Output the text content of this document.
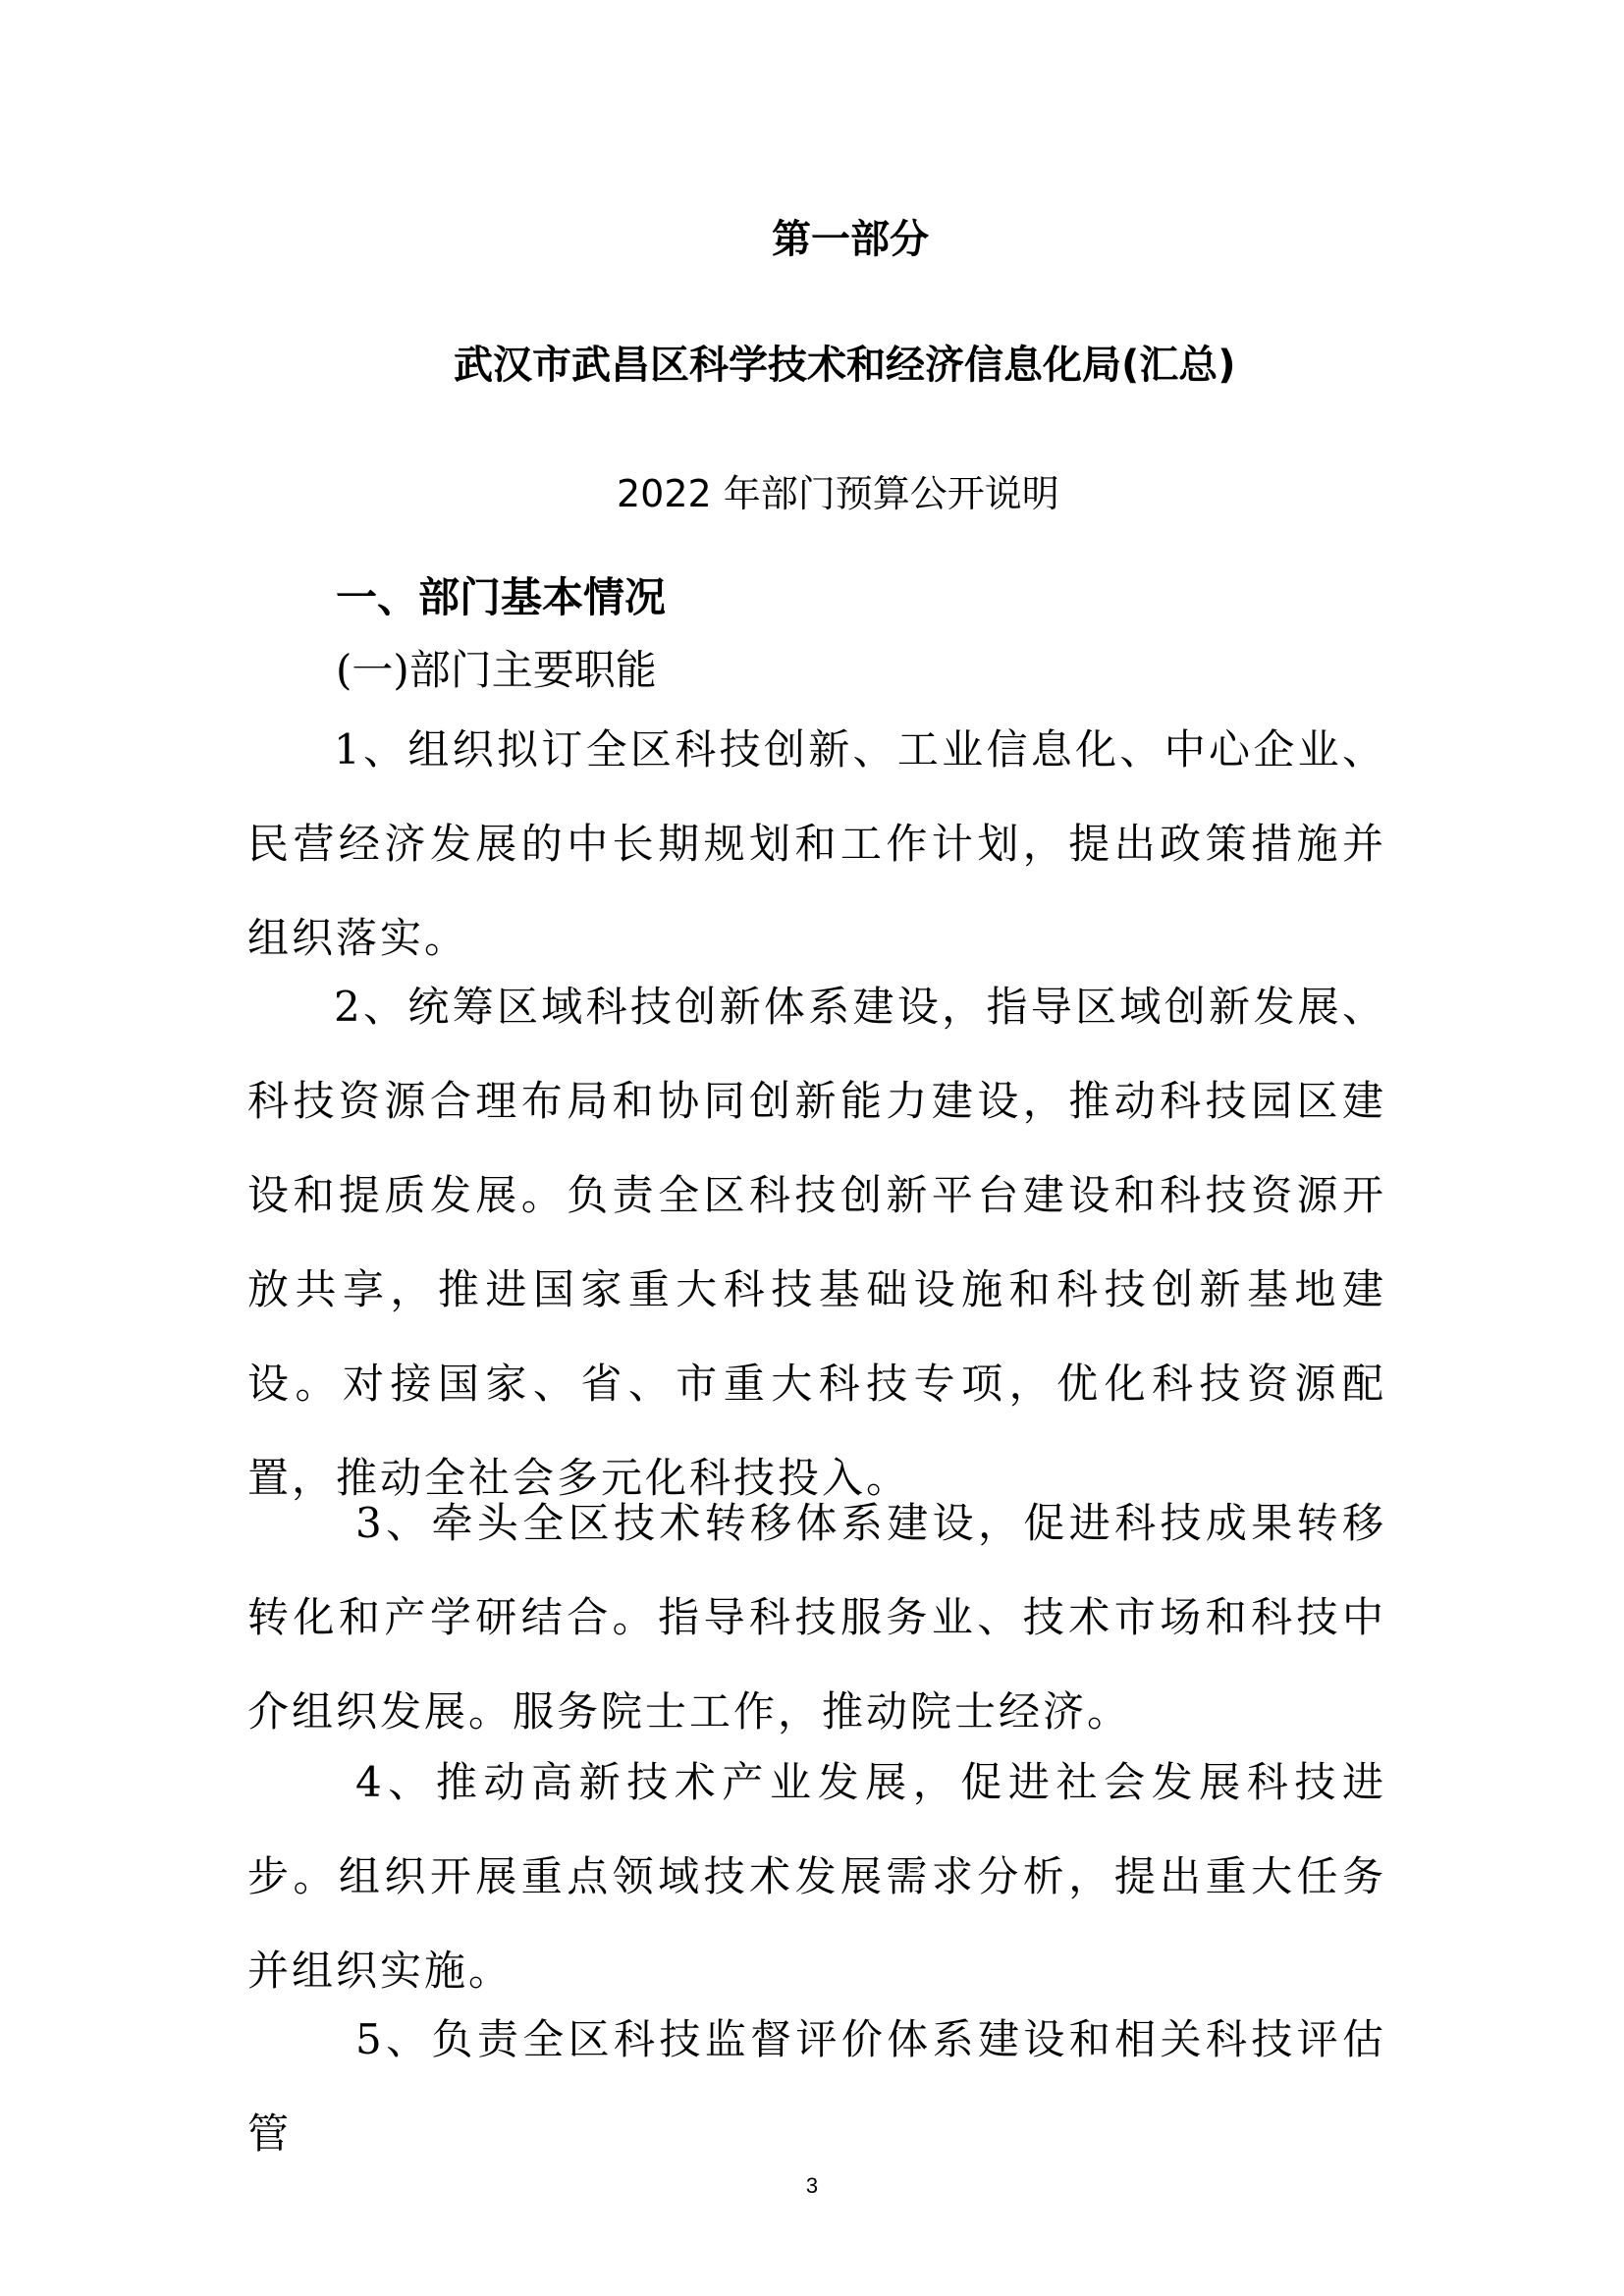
第一部分
武汉市武昌区科学技术和经济信息化局(汇总)
2022 年部门预算公开说明
一、部门基本情况
(一)部门主要职能

1、组织拟订全区科技创新、工业信息化、中心企业、民营经济发展的中长期规划和工作计划，提出政策措施并组织落实。

2、统筹区域科技创新体系建设，指导区域创新发展、科技资源合理布局和协同创新能力建设，推动科技园区建设和提质发展。负责全区科技创新平台建设和科技资源开放共享，推进国家重大科技基础设施和科技创新基地建设。对接国家、省、市重大科技专项，优化科技资源配置，推动全社会多元化科技投入。

3、牵头全区技术转移体系建设，促进科技成果转移转化和产学研结合。指导科技服务业、技术市场和科技中介组织发展。服务院士工作，推动院士经济。

4、推动高新技术产业发展，促进社会发展科技进步。组织开展重点领域技术发展需求分析，提出重大任务并组织实施。

5、负责全区科技监督评价体系建设和相关科技评估管

3
